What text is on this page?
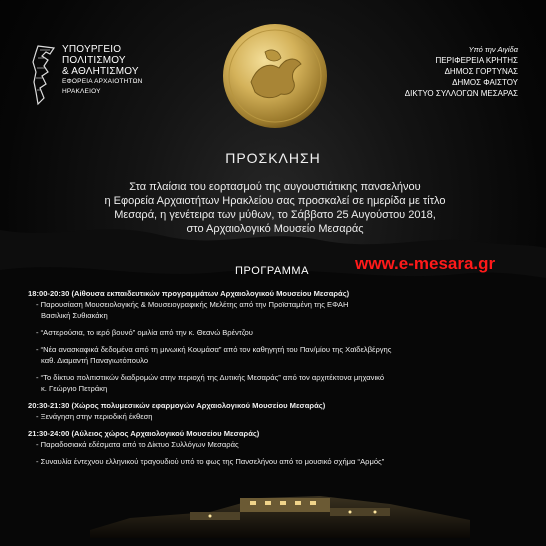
ΥΠΟΥΡΓΕΙΟ
ΠΟΛΙΤΙΣΜΟΥ
& ΑΘΛΗΤΙΣΜΟΥ
ΕΦΟΡΕΙΑ ΑΡΧΑΙΟΤΗΤΩΝ
ΗΡΑΚΛΕΙΟΥ
Υπό την Αιγίδα
ΠΕΡΙΦΕΡΕΙΑ ΚΡΗΤΗΣ
ΔΗΜΟΣ ΓΟΡΤΥΝΑΣ
ΔΗΜΟΣ ΦΑΙΣΤΟΥ
ΔΙΚΤΥΟ ΣΥΛΛΟΓΩΝ ΜΕΣΑΡΑΣ
ΠΡΟΣΚΛΗΣΗ
Στα πλαίσια του εορτασμού της αυγουστιάτικης πανσελήνου
η Εφορεία Αρχαιοτήτων Ηρακλείου σας προσκαλεί σε ημερίδα με τίτλο
Μεσαρά, η γενέτειρα των μύθων, το Σάββατο 25 Αυγούστου 2018,
στο Αρχαιολογικό Μουσείο Μεσαράς
ΠΡΟΓΡΑΜΜΑ	www.e-mesara.gr
18:00-20:30 (Αίθουσα εκπαιδευτικών προγραμμάτων Αρχαιολογικού Μουσείου Μεσαράς)
- Παρουσίαση Μουσειολογικής & Μουσειογραφικής Μελέτης από την Προϊσταμένη της ΕΦΑΗ
Βασιλική Συθιακάκη
- “Αστερούσια, το ιερό βουνό” ομιλία από την κ. Θεανώ Βρέντζου
- “Νέα ανασκαφικά δεδομένα από τη μινωική Κουμάσα” από τον καθηγητή του Παν/μίου της Χαϊδελβέργης
καθ. Διαμαντή Παναγιωτόπουλο
- “Το δίκτυο πολιτιστικών διαδρομών στην περιοχή της Δυτικής Μεσαράς” από τον αρχιτέκτονα μηχανικό
κ. Γεώργιο Πετράκη
20:30-21:30 (Χώρος πολυμεσικών εφαρμογών Αρχαιολογικού Μουσείου Μεσαράς)
- Ξενάγηση στην περιοδική έκθεση
21:30-24:00 (Αύλειος χώρος Αρχαιολογικού Μουσείου Μεσαράς)
- Παραδοσιακά εδέσματα από το Δίκτυο Συλλόγων Μεσαράς
- Συναυλία έντεχνου ελληνικού τραγουδιού υπό το φως της Πανσελήνου από το μουσικό σχήμα “Αρμός”
